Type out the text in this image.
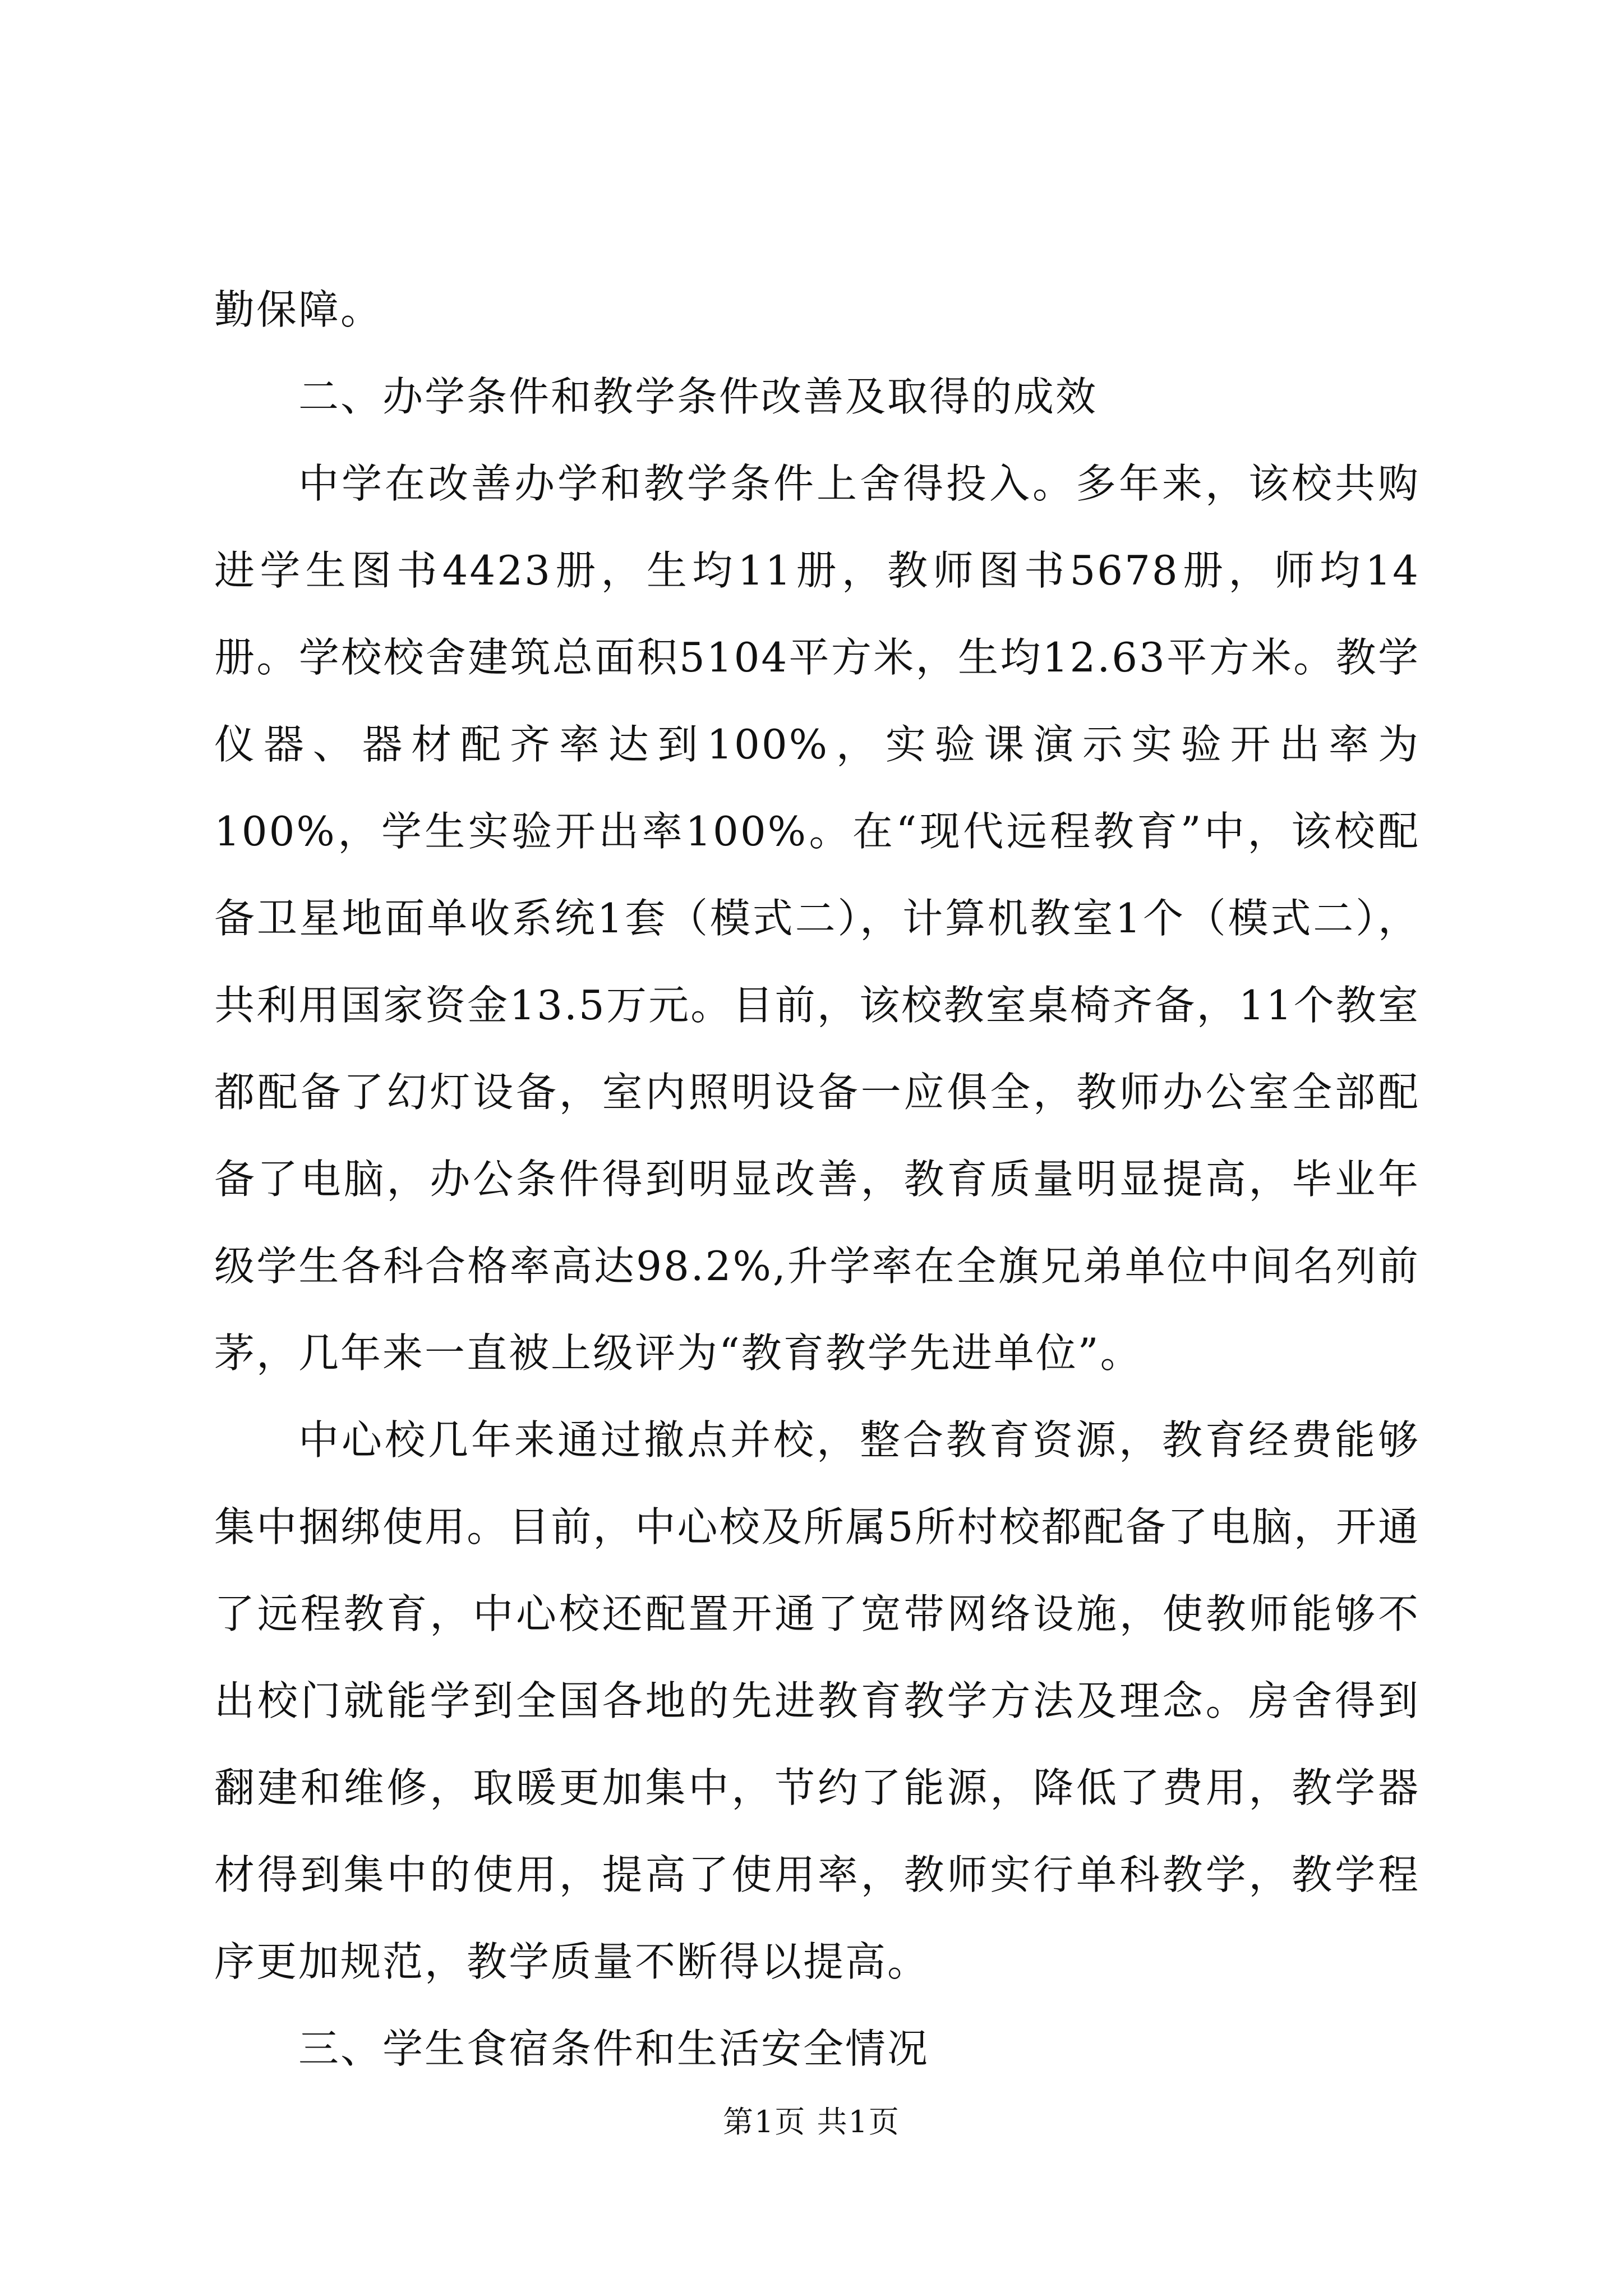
勤保障。

二、办学条件和教学条件改善及取得的成效

中学在改善办学和教学条件上舍得投入。多年来，该校共购进学生图书4423册，生均11册，教师图书5678册，师均14册。学校校舍建筑总面积5104平方米，生均12.63平方米。教学仪器、器材配齐率达到100%，实验课演示实验开出率为100%，学生实验开出率100%。在“现代远程教育”中，该校配备卫星地面单收系统1套（模式二），计算机教室1个（模式二），共利用国家资金13.5万元。目前，该校教室桌椅齐备，11个教室都配备了幻灯设备，室内照明设备一应俱全，教师办公室全部配备了电脑，办公条件得到明显改善，教育质量明显提高，毕业年级学生各科合格率高达98.2%,升学率在全旗兄弟单位中间名列前茅，几年来一直被上级评为“教育教学先进单位”。

中心校几年来通过撤点并校，整合教育资源，教育经费能够集中捆绑使用。目前，中心校及所属5所村校都配备了电脑，开通了远程教育，中心校还配置开通了宽带网络设施，使教师能够不出校门就能学到全国各地的先进教育教学方法及理念。房舍得到翻建和维修，取暖更加集中，节约了能源，降低了费用，教学器材得到集中的使用，提高了使用率，教师实行单科教学，教学程序更加规范，教学质量不断得以提高。

三、学生食宿条件和生活安全情况

第1页 共1页
